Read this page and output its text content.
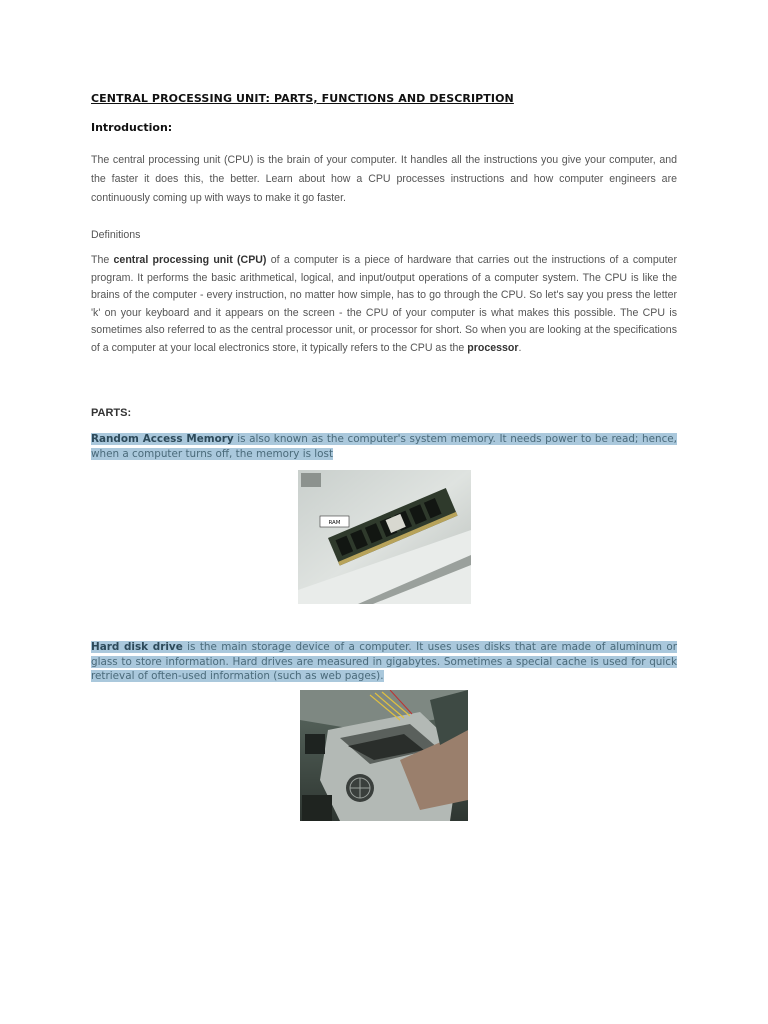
CENTRAL PROCESSING UNIT: PARTS, FUNCTIONS AND DESCRIPTION
Introduction:

The central processing unit (CPU) is the brain of your computer. It handles all the instructions you give your computer, and the faster it does this, the better. Learn about how a CPU processes instructions and how computer engineers are continuously coming up with ways to make it go faster.

Definitions

The central processing unit (CPU) of a computer is a piece of hardware that carries out the instructions of a computer program. It performs the basic arithmetical, logical, and input/output operations of a computer system. The CPU is like the brains of the computer - every instruction, no matter how simple, has to go through the CPU. So let's say you press the letter 'k' on your keyboard and it appears on the screen - the CPU of your computer is what makes this possible. The CPU is sometimes also referred to as the central processor unit, or processor for short. So when you are looking at the specifications of a computer at your local electronics store, it typically refers to the CPU as the processor.

PARTS:

Random Access Memory is also known as the computer's system memory. It needs power to be read; hence, when a computer turns off, the memory is lost

RAM

Hard disk drive is the main storage device of a computer. It uses uses disks that are made of aluminum or glass to store information. Hard drives are measured in gigabytes. Sometimes a special cache is used for quick retrieval of often-used information (such as web pages).
